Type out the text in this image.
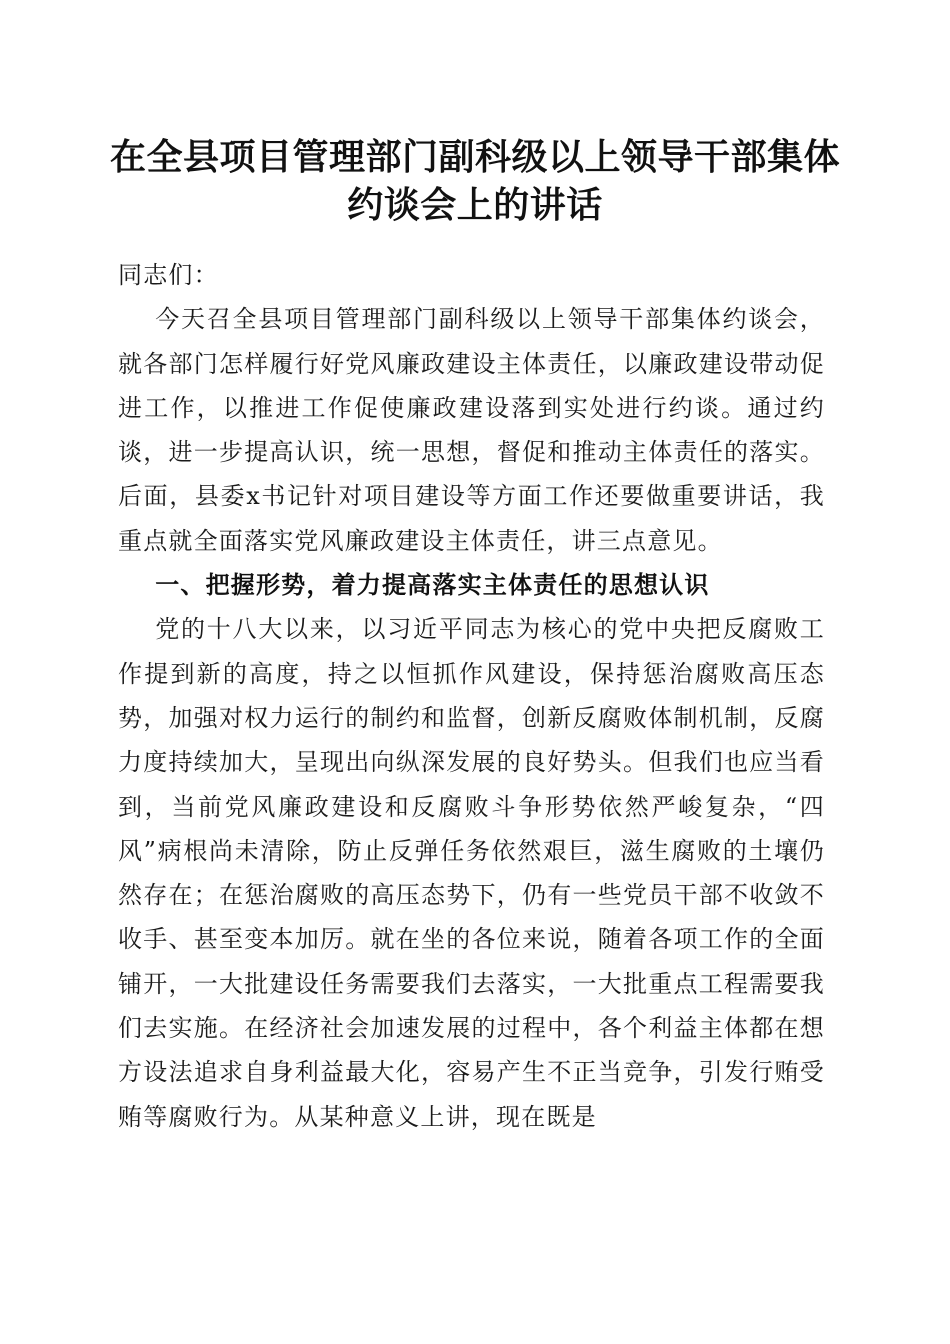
在全县项目管理部门副科级以上领导干部集体约谈会上的讲话

同志们：

今天召全县项目管理部门副科级以上领导干部集体约谈会，就各部门怎样履行好党风廉政建设主体责任，以廉政建设带动促进工作，以推进工作促使廉政建设落到实处进行约谈。通过约谈，进一步提高认识，统一思想，督促和推动主体责任的落实。后面，县委x书记针对项目建设等方面工作还要做重要讲话，我重点就全面落实党风廉政建设主体责任，讲三点意见。

一、把握形势，着力提高落实主体责任的思想认识

党的十八大以来，以习近平同志为核心的党中央把反腐败工作提到新的高度，持之以恒抓作风建设，保持惩治腐败高压态势，加强对权力运行的制约和监督，创新反腐败体制机制，反腐力度持续加大，呈现出向纵深发展的良好势头。但我们也应当看到，当前党风廉政建设和反腐败斗争形势依然严峻复杂，“四风”病根尚未清除，防止反弹任务依然艰巨，滋生腐败的土壤仍然存在；在惩治腐败的高压态势下，仍有一些党员干部不收敛不收手、甚至变本加厉。就在坐的各位来说，随着各项工作的全面铺开，一大批建设任务需要我们去落实，一大批重点工程需要我们去实施。在经济社会加速发展的过程中，各个利益主体都在想方设法追求自身利益最大化，容易产生不正当竞争，引发行贿受贿等腐败行为。从某种意义上讲，现在既是
